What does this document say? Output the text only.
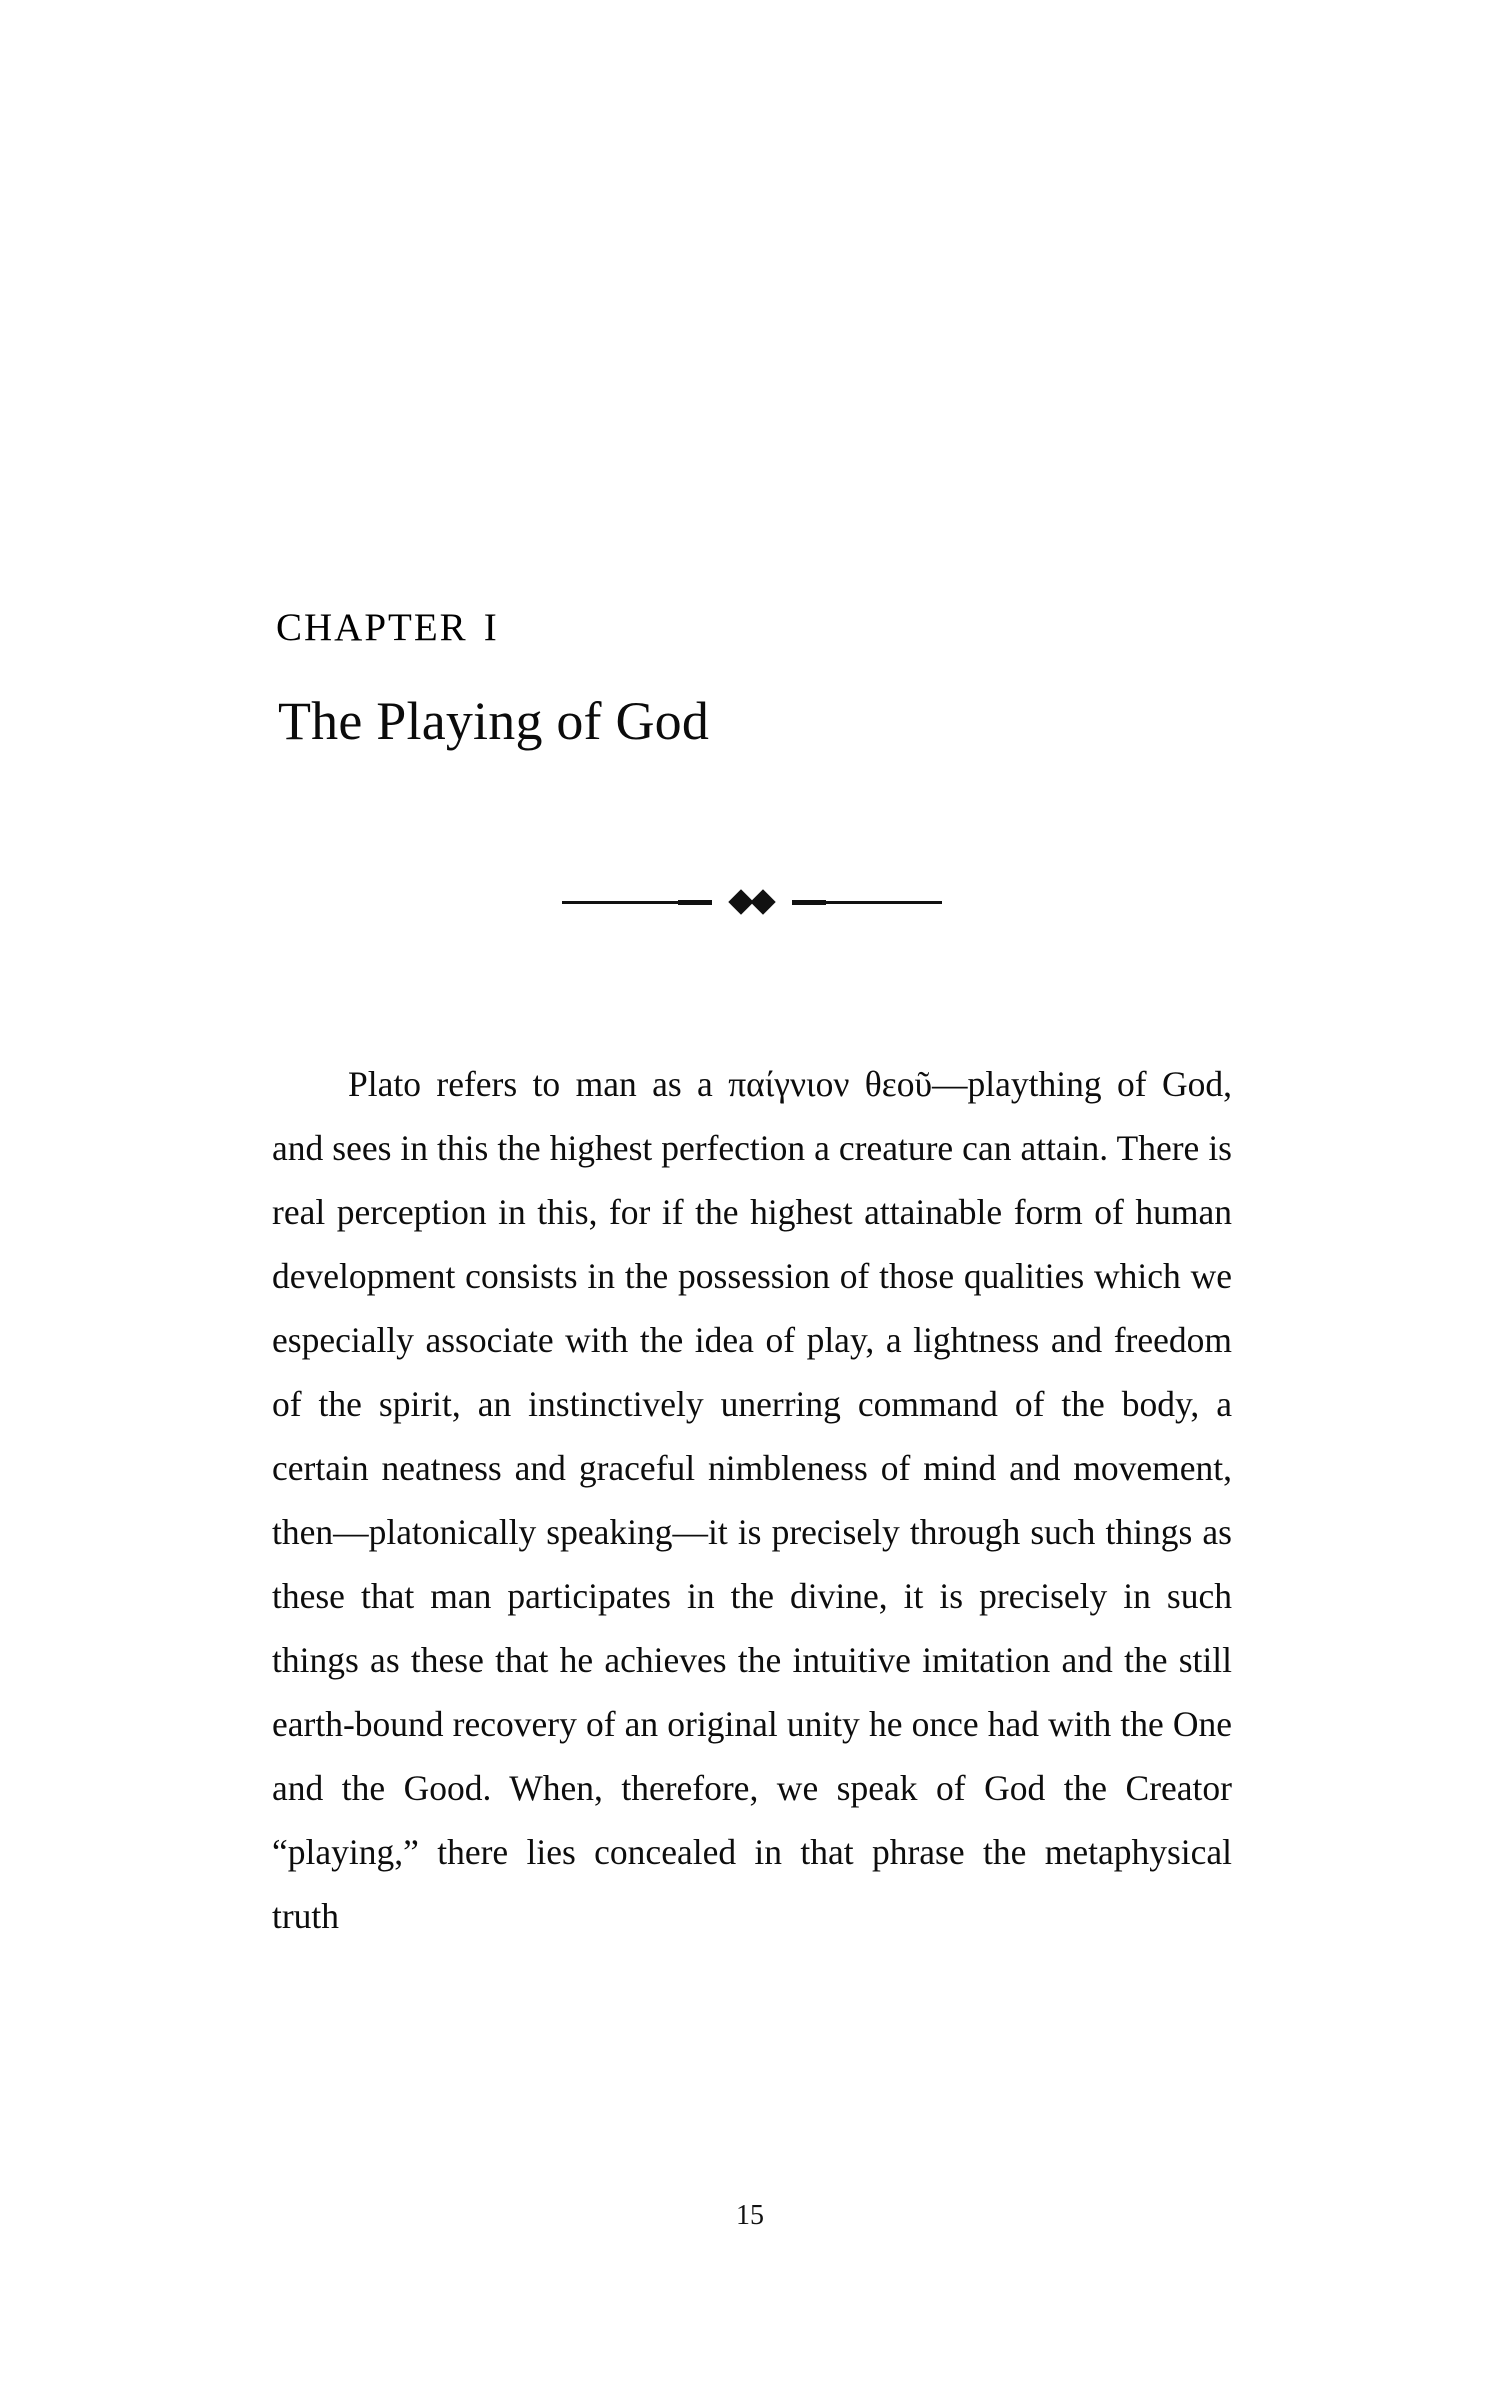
chapter i
The Playing of God

Plato refers to man as a παίγνιον θεοῦ—plaything of God, and sees in this the highest perfection a creature can attain. There is real perception in this, for if the highest attainable form of human development consists in the possession of those qualities which we especially associate with the idea of play, a lightness and freedom of the spirit, an instinctively unerring command of the body, a certain neatness and graceful nimbleness of mind and movement, then—platonically speaking—it is precisely through such things as these that man participates in the divine, it is precisely in such things as these that he achieves the intuitive imitation and the still earth-bound recovery of an original unity he once had with the One and the Good. When, therefore, we speak of God the Creator “playing,” there lies concealed in that phrase the metaphysical truth

15
